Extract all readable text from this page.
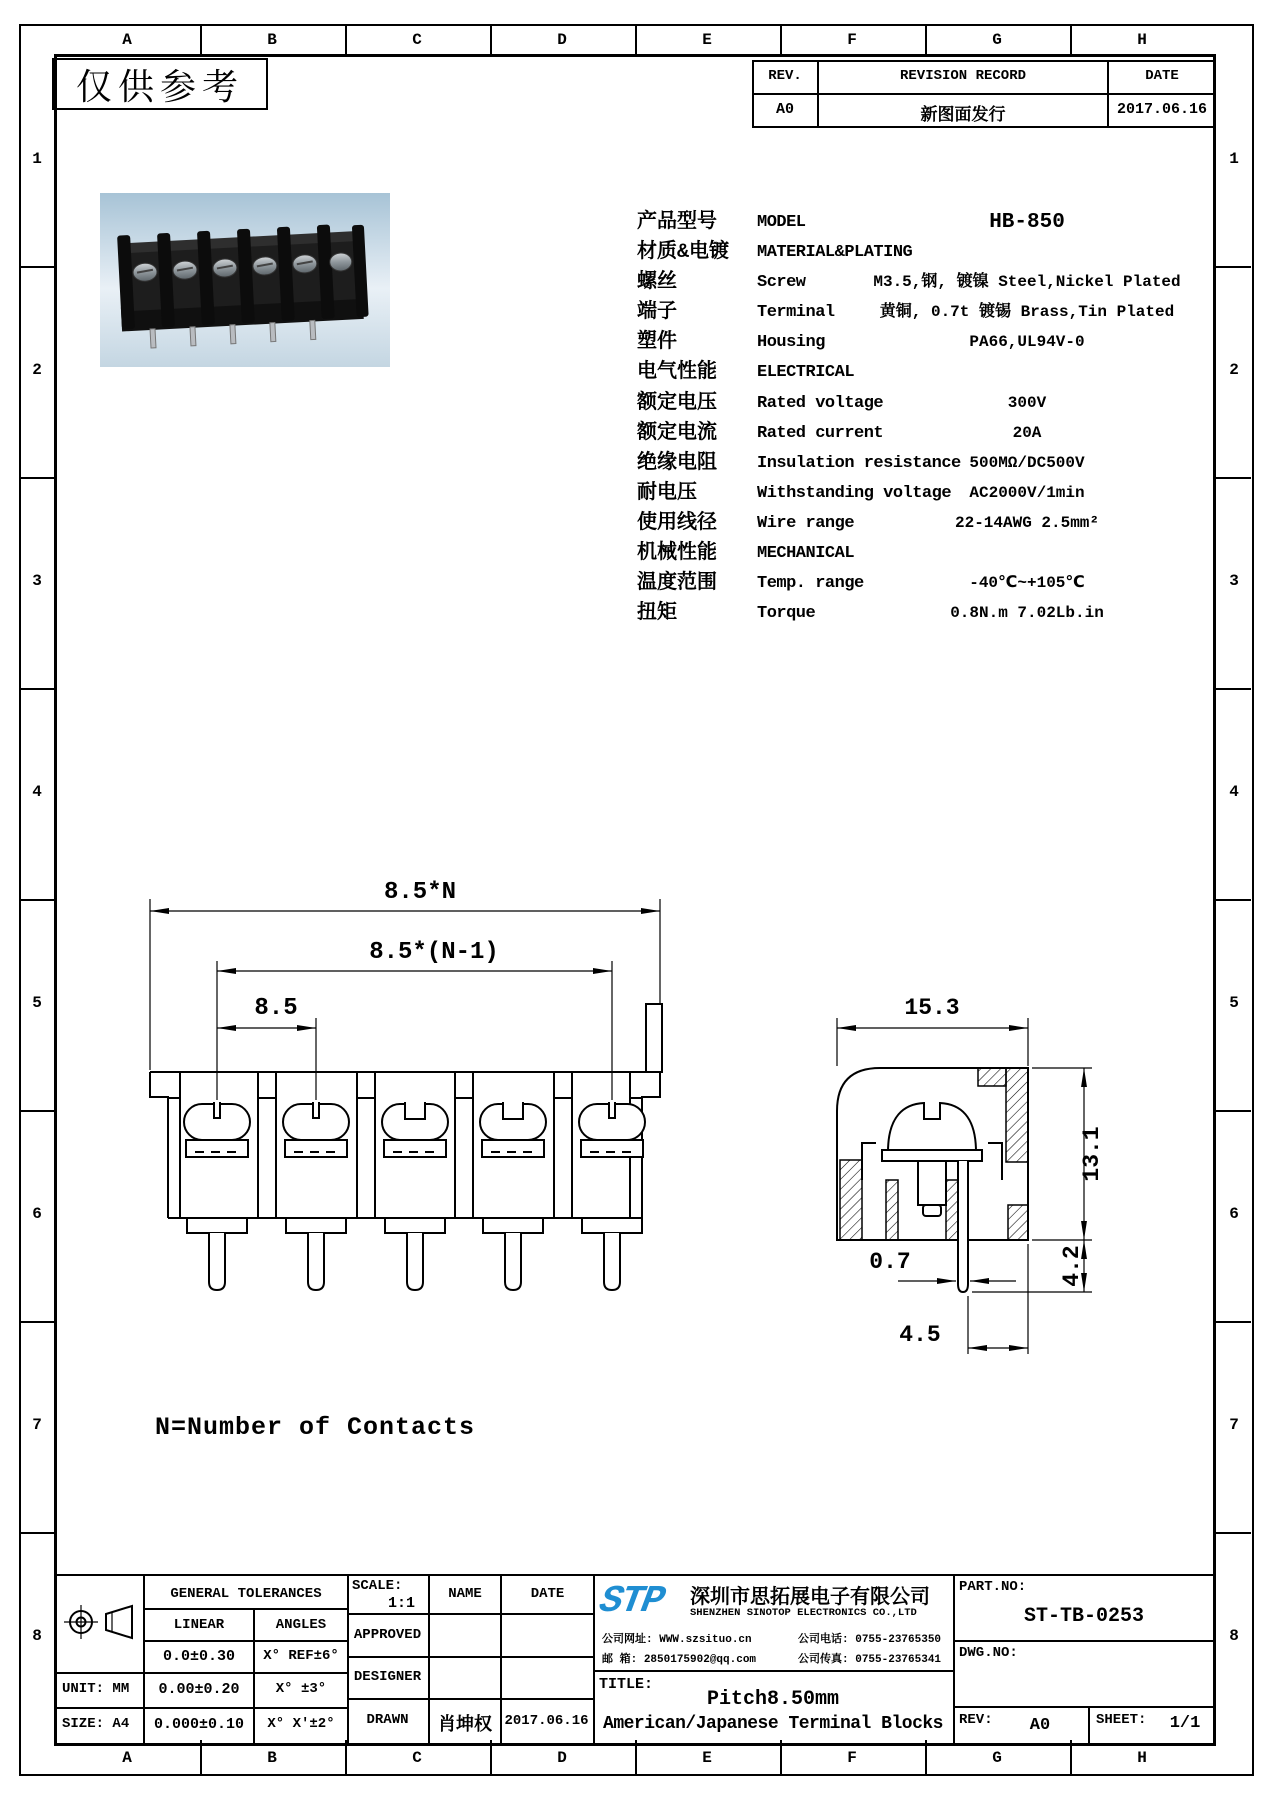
A	B	C	D	E	F	G	H
A	B	C	D	E	F	G	H
1
2
3
4
5
6
7
8
1
2
3
4
5
6
7
8
仅供参考	REV.	REVISION RECORD	DATE
A0	新图面发行	2017.06.16
产品型号 MODEL	HB-850
材质&电镀 MATERIAL&PLATING
螺丝	Screw	M3.5,钢, 镀镍 Steel,Nickel Plated
端子	Terminal	黄铜, 0.7t 镀锡 Brass,Tin Plated
塑件	Housing	PA66,UL94V-0
电气性能 ELECTRICAL
额定电压 Rated voltage	300V
额定电流 Rated current	20A
绝缘电阻 Insulation resistance 500MΩ/DC500V
耐电压	Withstanding voltage AC2000V/1min
使用线径 Wire range	22-14AWG 2.5mm²
机械性能 MECHANICAL
温度范围 Temp. range	-40℃~+105℃
扭矩	Torque	0.8N.m 7.02Lb.in
8.5*N
8.5*(N-1)
8.5	15.3
13.1
4.2
0.7
4.5
N=Number of Contacts
GENERAL TOLERANCES
LINEAR	ANGLES
0.0±0.30	X° REF±6°
0.00±0.20	X° ±3°
0.000±0.10	X° X'±2°
UNIT: MM
SIZE: A4
SCALE:
1:1
NAME	DATE
APPROVED
DESIGNER
DRAWN	肖坤权 2017.06.16
STP 深圳市思拓展电子有限公司
SHENZHEN SINOTOP ELECTRONICS CO.,LTD
公司网址: WWW.szsituo.cn	公司电话: 0755-23765350
邮 箱: 2850175902@qq.com	公司传真: 0755-23765341
TITLE:
Pitch8.50mm
American/Japanese Terminal Blocks
PART.NO:
ST-TB-0253
DWG.NO:
REV:	A0	SHEET:	1/1
